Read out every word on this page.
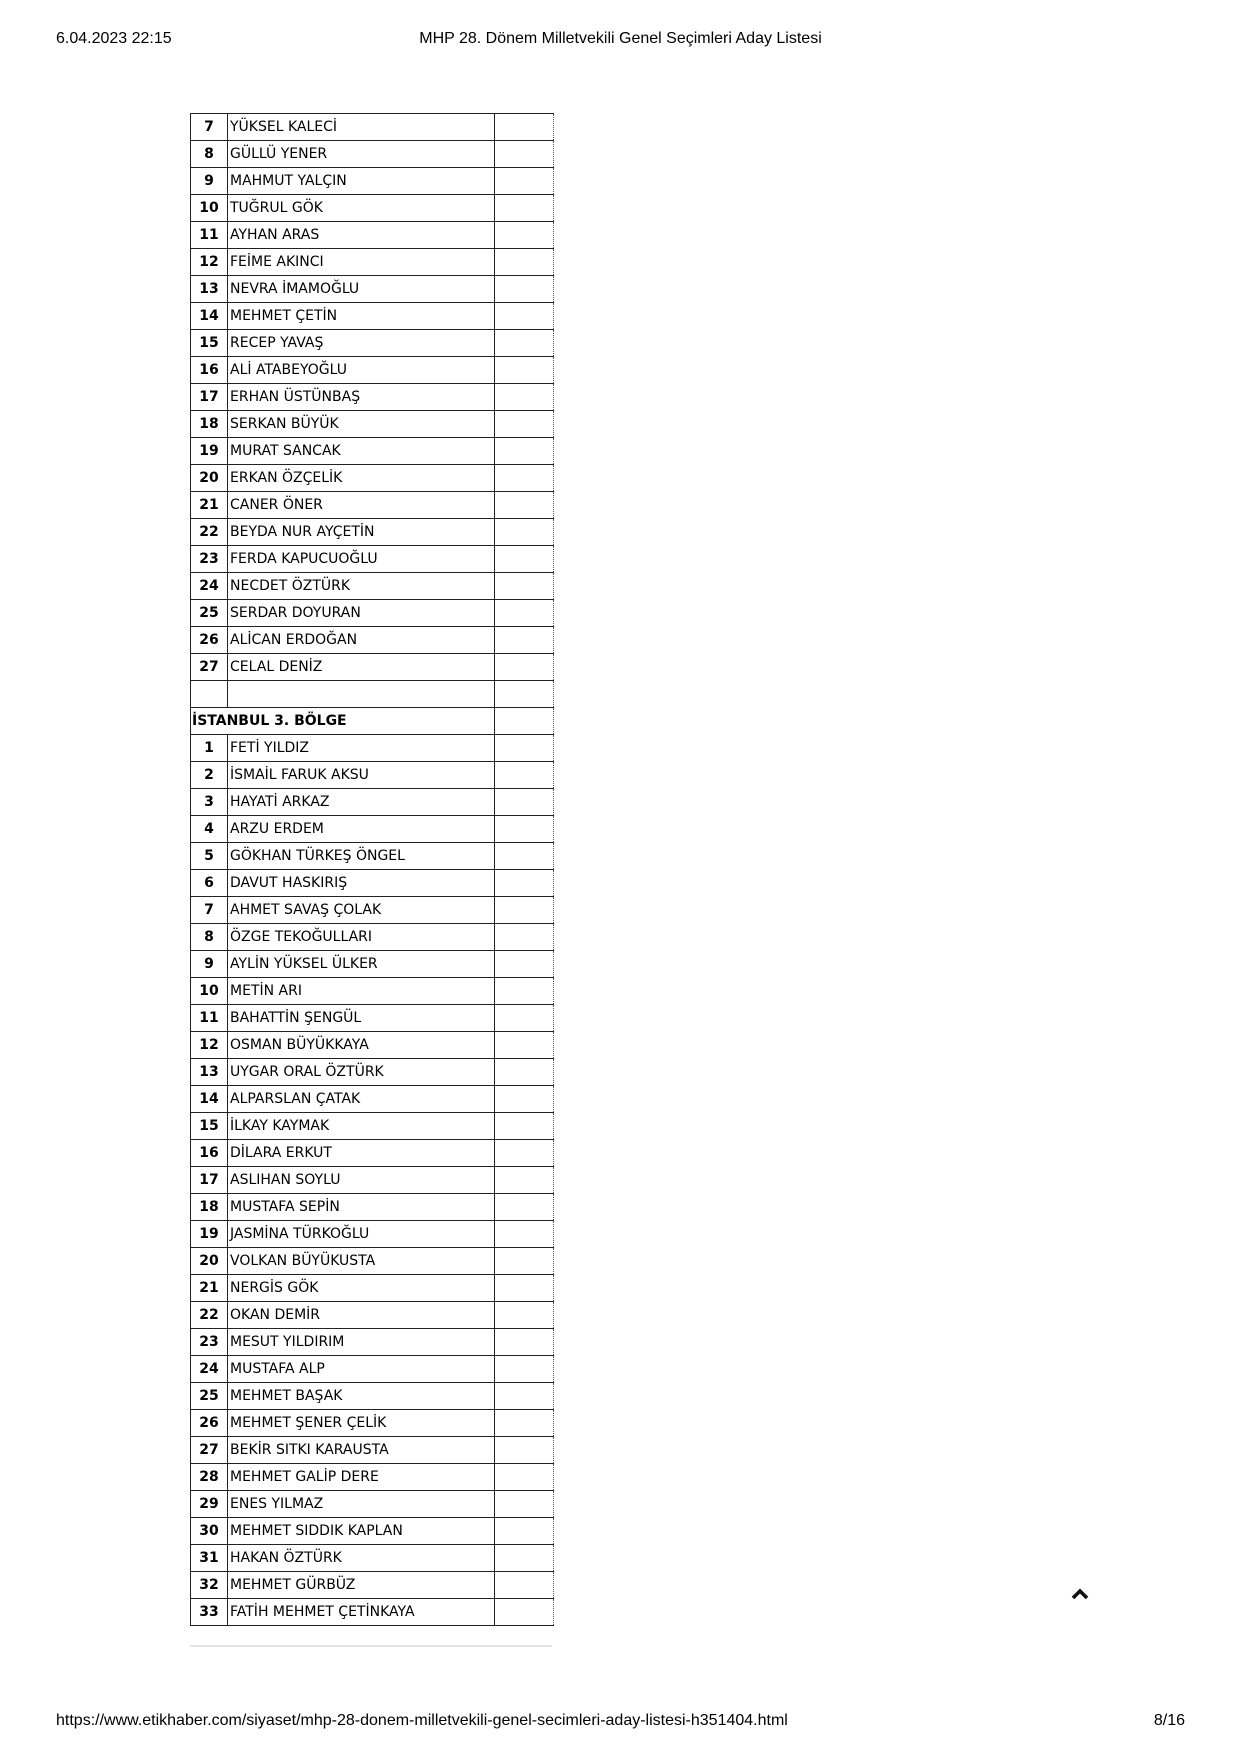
6.04.2023 22:15	MHP 28. Dönem Milletvekili Genel Seçimleri Aday Listesi
7	YÜKSEL KALECİ	
8	GÜLLÜ YENER	
9	MAHMUT YALÇIN	
10	TUĞRUL GÖK	
11	AYHAN ARAS	
12	FEİME AKINCI	
13	NEVRA İMAMOĞLU	
14	MEHMET ÇETİN	
15	RECEP YAVAŞ	
16	ALİ ATABEYOĞLU	
17	ERHAN ÜSTÜNBAŞ	
18	SERKAN BÜYÜK	
19	MURAT SANCAK	
20	ERKAN ÖZÇELİK	
21	CANER ÖNER	
22	BEYDA NUR AYÇETİN	
23	FERDA KAPUCUOĞLU	
24	NECDET ÖZTÜRK	
25	SERDAR DOYURAN	
26	ALİCAN ERDOĞAN	
27	CELAL DENİZ	

İSTANBUL 3. BÖLGE		
1	FETİ YILDIZ	
2	İSMAİL FARUK AKSU	
3	HAYATİ ARKAZ	
4	ARZU ERDEM	
5	GÖKHAN TÜRKEŞ ÖNGEL	
6	DAVUT HASKIRIŞ	
7	AHMET SAVAŞ ÇOLAK	
8	ÖZGE TEKOĞULLARI	
9	AYLİN YÜKSEL ÜLKER	
10	METİN ARI	
11	BAHATTİN ŞENGÜL	
12	OSMAN BÜYÜKKAYA	
13	UYGAR ORAL ÖZTÜRK	
14	ALPARSLAN ÇATAK	
15	İLKAY KAYMAK	
16	DİLARA ERKUT	
17	ASLIHAN SOYLU	
18	MUSTAFA SEPİN	
19	JASMİNA TÜRKOĞLU	
20	VOLKAN BÜYÜKUSTA	
21	NERGİS GÖK	
22	OKAN DEMİR	
23	MESUT YILDIRIM	
24	MUSTAFA ALP	
25	MEHMET BAŞAK	
26	MEHMET ŞENER ÇELİK	
27	BEKİR SITKI KARAUSTA	
28	MEHMET GALİP DERE	
29	ENES YILMAZ	
30	MEHMET SIDDIK KAPLAN	
31	HAKAN ÖZTÜRK	
32	MEHMET GÜRBÜZ	
33	FATİH MEHMET ÇETİNKAYA	
https://www.etikhaber.com/siyaset/mhp-28-donem-milletvekili-genel-secimleri-aday-listesi-h351404.html	8/16
